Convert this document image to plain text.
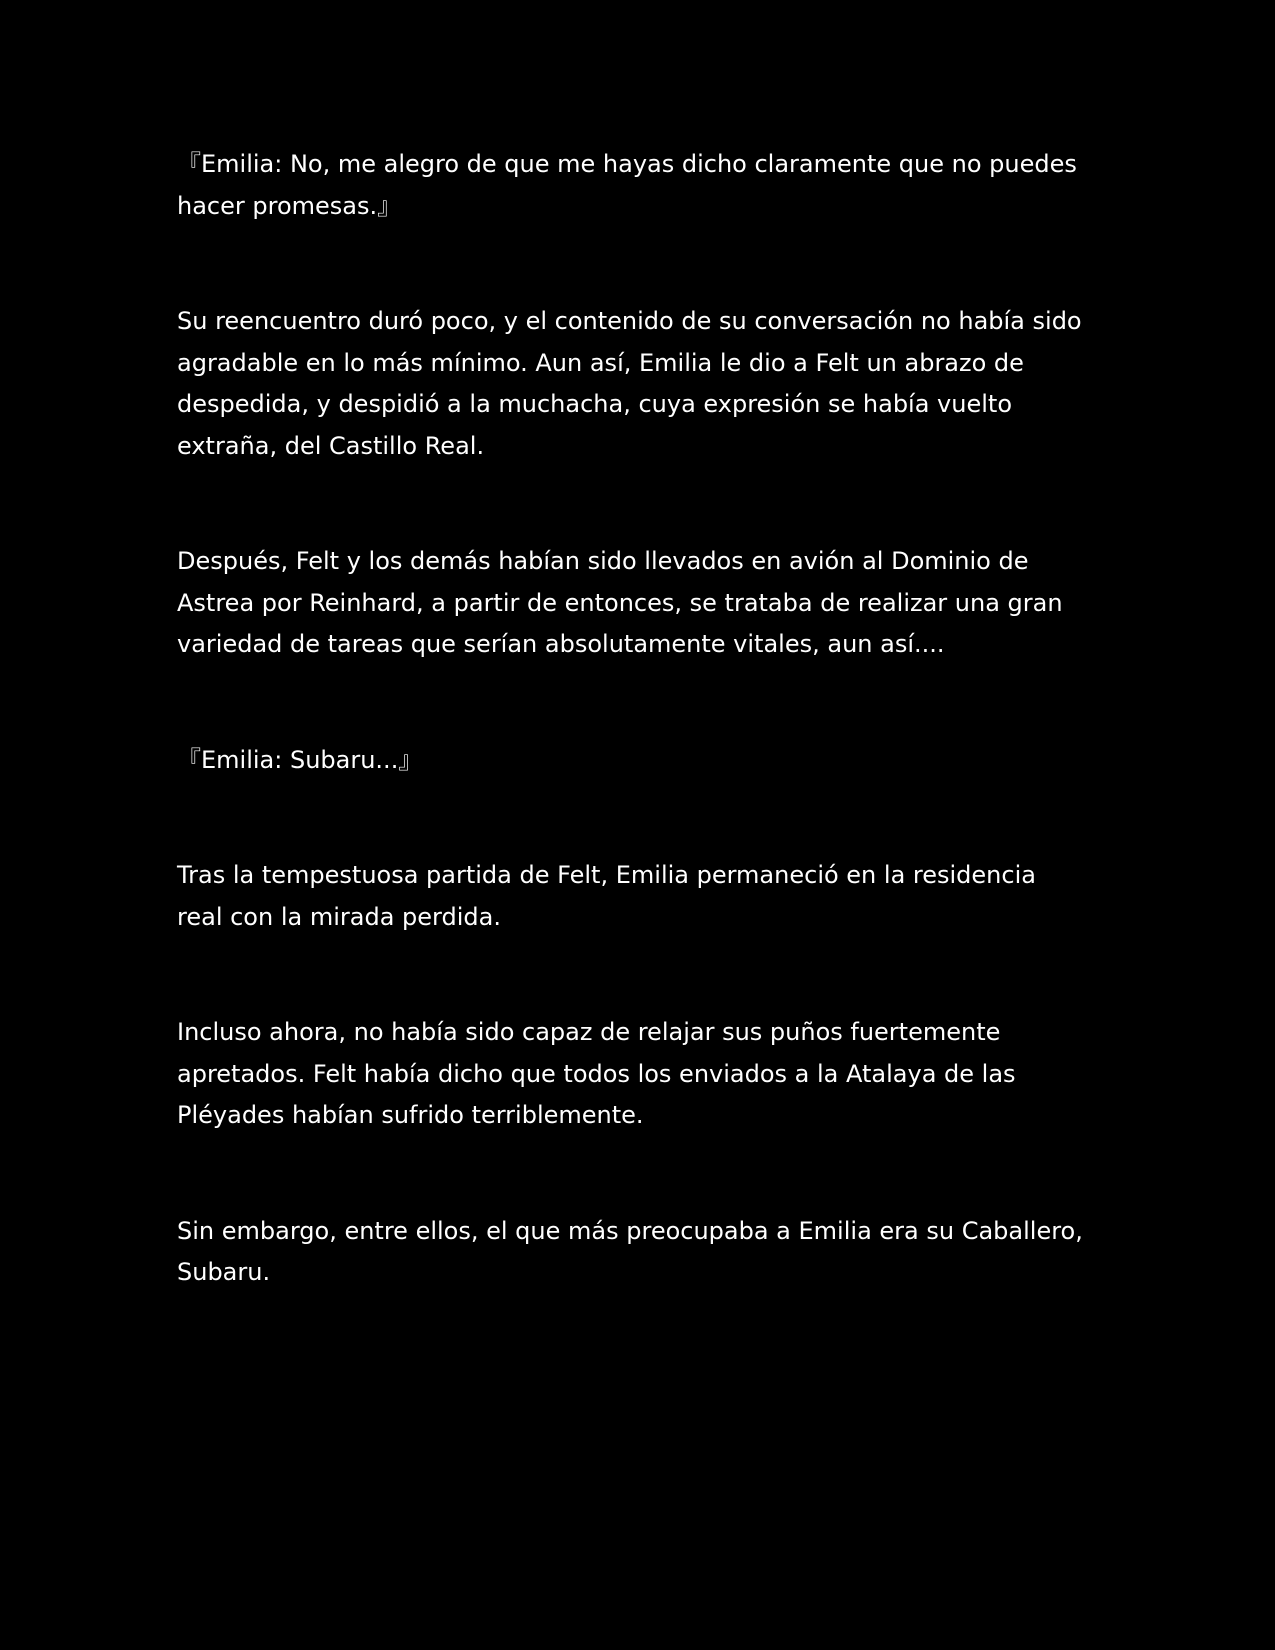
『Emilia: No, me alegro de que me hayas dicho claramente que no puedes hacer promesas.』

Su reencuentro duró poco, y el contenido de su conversación no había sido agradable en lo más mínimo. Aun así, Emilia le dio a Felt un abrazo de despedida, y despidió a la muchacha, cuya expresión se había vuelto extraña, del Castillo Real.

Después, Felt y los demás habían sido llevados en avión al Dominio de Astrea por Reinhard, a partir de entonces, se trataba de realizar una gran variedad de tareas que serían absolutamente vitales, aun así....

『Emilia: Subaru...』

Tras la tempestuosa partida de Felt, Emilia permaneció en la residencia real con la mirada perdida.

Incluso ahora, no había sido capaz de relajar sus puños fuertemente apretados. Felt había dicho que todos los enviados a la Atalaya de las Pléyades habían sufrido terriblemente.

Sin embargo, entre ellos, el que más preocupaba a Emilia era su Caballero, Subaru.
